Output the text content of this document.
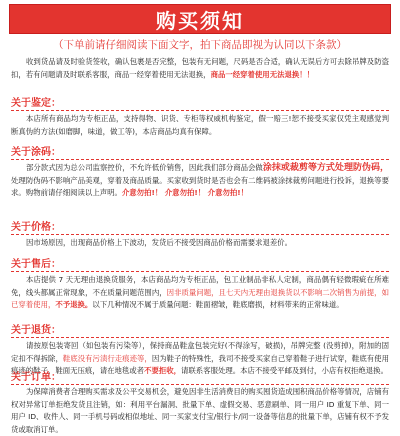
购买须知
（下单前请仔细阅读下面文字，拍下商品即视为认同以下条款）

收到货品请及时验货签收，确认包裹是否完整，包装有无问题，尺码是否合适，确认无误后方可去除吊牌及防盗扣，若有问题请及时联系客服，商品一经穿着使用无法退换，商品一经穿着使用无法退换！！

关于鉴定：

本店所有商品均为专柜正品，支持得物、识货、专柜等权威机构鉴定，假一赔三!恕不接受买家仅凭主观感觉判断真伪的方法(如磨脚，味道，做工等)，本店商品均真有保障。

关于涂码：

部分款式因为总公司监察控价，不允许低价销售，因此我们部分商品会做涂抹或裁剪等方式处理防伪码，处理防伪码不影响产品美观，穿着及商品质量。买家收到货时是否也会有二维码被涂抹裁剪问题进行投诉，退换等要求。购物前请仔细阅读以上声明。介意勿拍!！ 介意勿拍!！ 介意勿拍!！

关于价格：

因市场原因，出现商品价格上下波动，发货后不接受因商品价格而需要求退差价。

关于售后：

本店提供 7 天无理由退换货服务，本店商品均为专柜正品，包工业制品非私人定制，商品偶有轻微瑕疵在所难免，线头都属正常现象，不在质量问题范围内，因非质量问题，且七天内无理由退换货以不影响二次销售为前提，如已穿着使用，不予退换。以下几种情况不属于质量问题：鞋面褶皱，鞋底磨损，材料带来的正常味道。

关于退货：

请按原包装寄回（如包装有污染等），保持商品鞋盒包装完好(不得涂写，破损)，吊牌完整 (没剪掉)，附加的固定扣不得拆除，鞋底没有污渍行走痕迹等，因为鞋子的特殊性，我司不接受买家自己穿着鞋子进行试穿，鞋底有使用痕迹的鞋子，鞋面无压痕，请在地毯或者不要拒收，请联系客服处理。本店不接受平邮及到付，小店有权拒绝退换。

关于订单：

为保障消费者合理购买需求及公平交易机会，避免因非生活消费目的购买囤货造成囤积商品价格等情况，店铺有权对异常订单拒绝发货且注销，如：利用平台漏洞、批量下单、虚假交易、恶意刷单、同一用户 ID 重复下单、同一用户 ID、收件人、同一手机号码或相似地址、同一买家支付宝/银行卡/同一设备等信息的批量下单，店铺有权不予发货或取消订单。
